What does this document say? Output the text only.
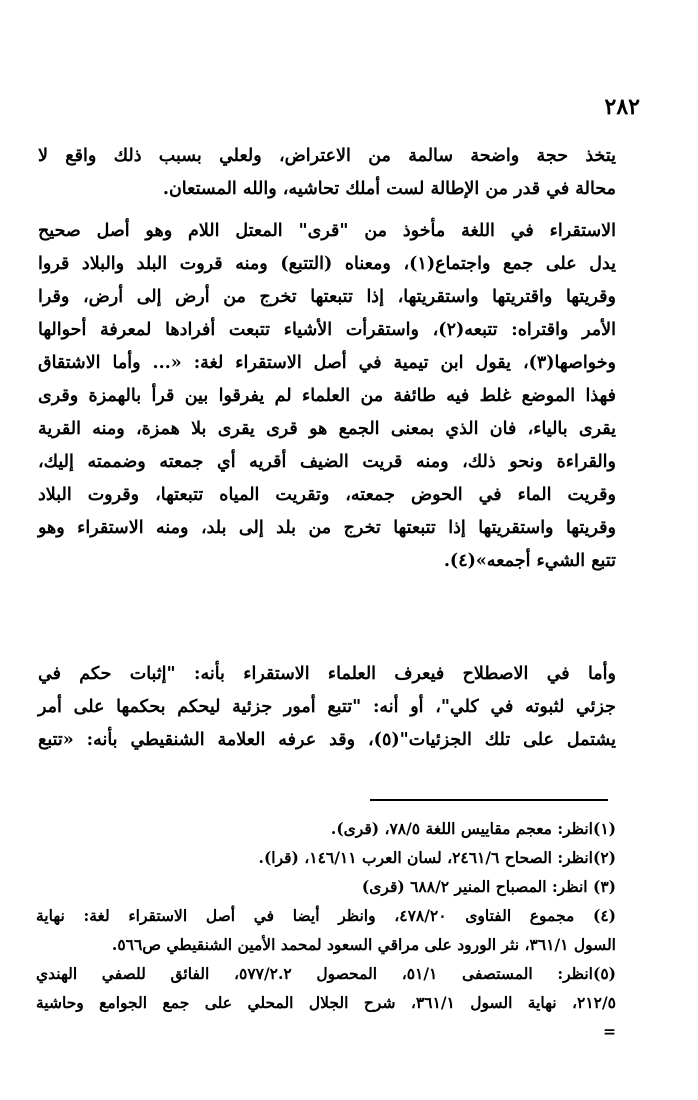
٢٨٢

يتخذ حجة واضحة سالمة من الاعتراض، ولعلي بسبب ذلك واقع لا
محالة في قدر من الإطالة لست أملك تحاشيه، والله المستعان.

الاستقراء في اللغة مأخوذ من "قرى" المعتل اللام وهو أصل صحيح
يدل على جمع واجتماع(١)، ومعناه (التتبع) ومنه قروت البلد والبلاد قروا
وقريتها واقتريتها واستقريتها، إذا تتبعتها تخرج من أرض إلى أرض، وقرا
الأمر واقتراه: تتبعه(٢)، واستقرأت الأشياء تتبعت أفرادها لمعرفة أحوالها
وخواصها(٣)، يقول ابن تيمية في أصل الاستقراء لغة: «... وأما الاشتقاق
فهذا الموضع غلط فيه طائفة من العلماء لم يفرقوا بين قرأ بالهمزة وقرى
يقرى بالياء، فان الذي بمعنى الجمع هو قرى يقرى بلا همزة، ومنه القرية
والقراءة ونحو ذلك، ومنه قريت الضيف أقريه أي جمعته وضممته إليك،
وقريت الماء في الحوض جمعته، وتقريت المياه تتبعتها، وقروت البلاد
وقريتها واستقريتها إذا تتبعتها تخرج من بلد إلى بلد، ومنه الاستقراء وهو
تتبع الشيء أجمعه»(٤).

وأما في الاصطلاح فيعرف العلماء الاستقراء بأنه: "إثبات حكم في
جزئي لثبوته في كلي"، أو أنه: "تتبع أمور جزئية ليحكم بحكمها على أمر
يشتمل على تلك الجزئيات"(٥)، وقد عرفه العلامة الشنقيطي بأنه: «تتبع

(١)انظر: معجم مقاييس اللغة ٧٨/٥، (قرى).

(٢)انظر: الصحاح ٢٤٦١/٦، لسان العرب ١٤٦/١١، (قرا).

(٣) انظر: المصباح المنير ٦٨٨/٢ (قرى)

(٤) مجموع الفتاوى ٤٧٨/٢٠، وانظر أيضا في أصل الاستقراء لغة: نهاية
السول ٣٦١/١، نثر الورود على مراقي السعود لمحمد الأمين الشنقيطي ص٥٦٦.

(٥)انظر: المستصفى ٥١/١، المحصول ٥٧٧/٢.٢، الفائق للصفي الهندي
٢١٢/٥، نهاية السول ٣٦١/١، شرح الجلال المحلي على جمع الجوامع وحاشية
=
